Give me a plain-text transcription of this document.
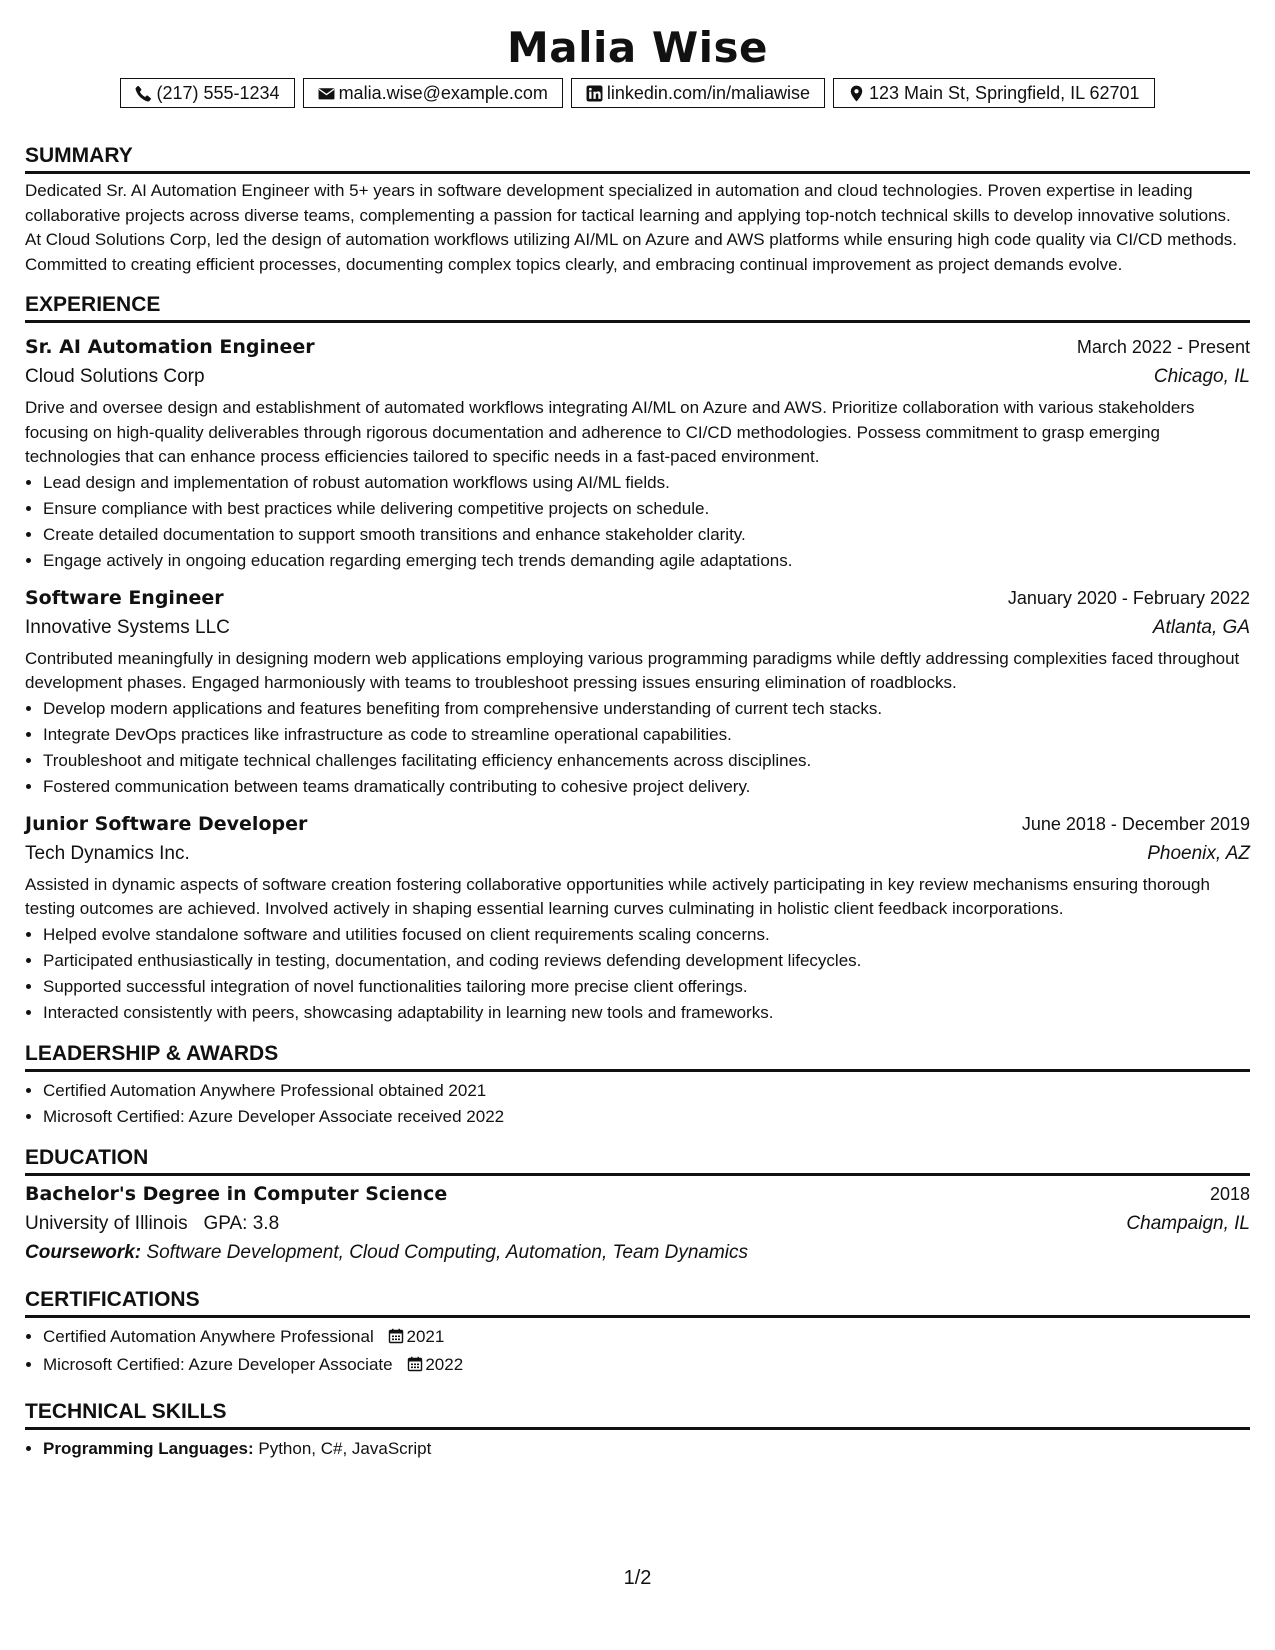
Malia Wise
(217) 555-1234	malia.wise@example.com	linkedin.com/in/maliawise	123 Main St, Springfield, IL 62701
SUMMARY
Dedicated Sr. AI Automation Engineer with 5+ years in software development specialized in automation and cloud technologies. Proven expertise in leading collaborative projects across diverse teams, complementing a passion for tactical learning and applying top-notch technical skills to develop innovative solutions. At Cloud Solutions Corp, led the design of automation workflows utilizing AI/ML on Azure and AWS platforms while ensuring high code quality via CI/CD methods. Committed to creating efficient processes, documenting complex topics clearly, and embracing continual improvement as project demands evolve.
EXPERIENCE
Sr. AI Automation Engineer	March 2022 - Present
Cloud Solutions Corp	Chicago, IL
Drive and oversee design and establishment of automated workflows integrating AI/ML on Azure and AWS. Prioritize collaboration with various stakeholders focusing on high-quality deliverables through rigorous documentation and adherence to CI/CD methodologies. Possess commitment to grasp emerging technologies that can enhance process efficiencies tailored to specific needs in a fast-paced environment.
• Lead design and implementation of robust automation workflows using AI/ML fields.
• Ensure compliance with best practices while delivering competitive projects on schedule.
• Create detailed documentation to support smooth transitions and enhance stakeholder clarity.
• Engage actively in ongoing education regarding emerging tech trends demanding agile adaptations.
Software Engineer	January 2020 - February 2022
Innovative Systems LLC	Atlanta, GA
Contributed meaningfully in designing modern web applications employing various programming paradigms while deftly addressing complexities faced throughout development phases. Engaged harmoniously with teams to troubleshoot pressing issues ensuring elimination of roadblocks.
• Develop modern applications and features benefiting from comprehensive understanding of current tech stacks.
• Integrate DevOps practices like infrastructure as code to streamline operational capabilities.
• Troubleshoot and mitigate technical challenges facilitating efficiency enhancements across disciplines.
• Fostered communication between teams dramatically contributing to cohesive project delivery.
Junior Software Developer	June 2018 - December 2019
Tech Dynamics Inc.	Phoenix, AZ
Assisted in dynamic aspects of software creation fostering collaborative opportunities while actively participating in key review mechanisms ensuring thorough testing outcomes are achieved. Involved actively in shaping essential learning curves culminating in holistic client feedback incorporations.
• Helped evolve standalone software and utilities focused on client requirements scaling concerns.
• Participated enthusiastically in testing, documentation, and coding reviews defending development lifecycles.
• Supported successful integration of novel functionalities tailoring more precise client offerings.
• Interacted consistently with peers, showcasing adaptability in learning new tools and frameworks.
LEADERSHIP & AWARDS
• Certified Automation Anywhere Professional obtained 2021
• Microsoft Certified: Azure Developer Associate received 2022
EDUCATION
Bachelor's Degree in Computer Science	2018
University of Illinois GPA: 3.8	Champaign, IL
Coursework: Software Development, Cloud Computing, Automation, Team Dynamics
CERTIFICATIONS
• Certified Automation Anywhere Professional 2021
• Microsoft Certified: Azure Developer Associate 2022
TECHNICAL SKILLS
• Programming Languages: Python, C#, JavaScript
1/2
